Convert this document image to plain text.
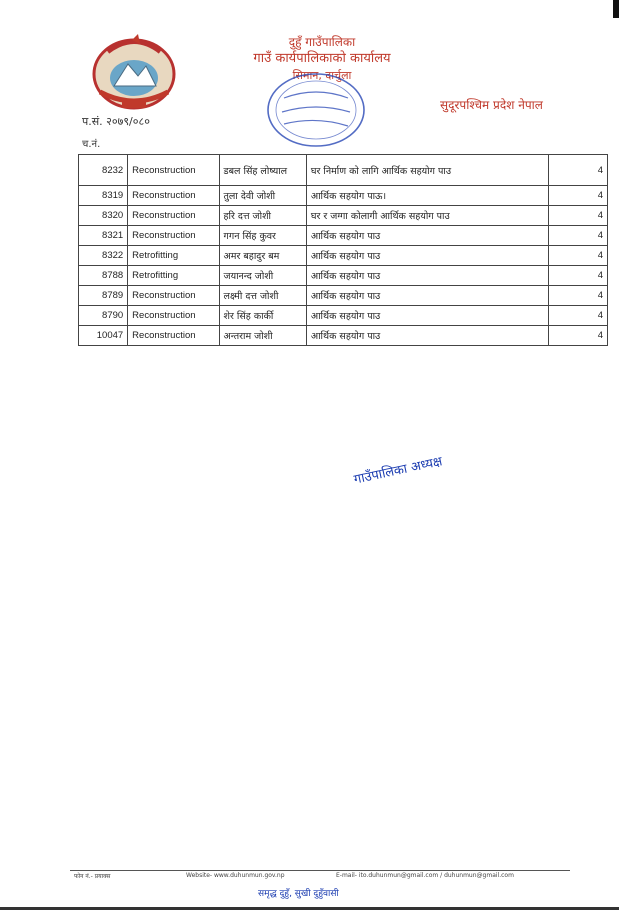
दुहुँ गाउँपालिका
गाउँ कार्यपालिकाको कार्यालय
सिमान, दार्चुला
सुदूरपश्चिम प्रदेश नेपाल
प.सं. २०७९/०८०
च.नं.
8232	Reconstruction	डबल सिंह लोष्याल	घर निर्माण को लागि आर्थिक सहयोग पाउ	4
8319	Reconstruction	तुला देवी जोशी	आर्थिक सहयोग पाऊ।	4
8320	Reconstruction	हरि दत्त जोशी	घर र जग्गा कोलागी आर्थिक सहयोग पाउ	4
8321	Reconstruction	गगन सिंह कुवर	आर्थिक सहयोग पाउ	4
8322	Retrofitting	अमर बहादुर बम	आर्थिक सहयोग पाउ	4
8788	Retrofitting	जयानन्द जोशी	आर्थिक सहयोग पाउ	4
8789	Reconstruction	लक्ष्मी दत्त जोशी	आर्थिक सहयोग पाउ	4
8790	Reconstruction	शेर सिंह कार्की	आर्थिक सहयोग पाउ	4
10047	Reconstruction	अन्तराम जोशी	आर्थिक सहयोग पाउ	4
गाउँपालिका अध्यक्ष
फोन नं.- प्रयाक्स	Website- www.duhunmun.gov.np	E-mail- ito.duhunmun@gmail.com / duhunmun@gmail.com
समृद्ध दुहुँ, सुखी दुहुँवासी
